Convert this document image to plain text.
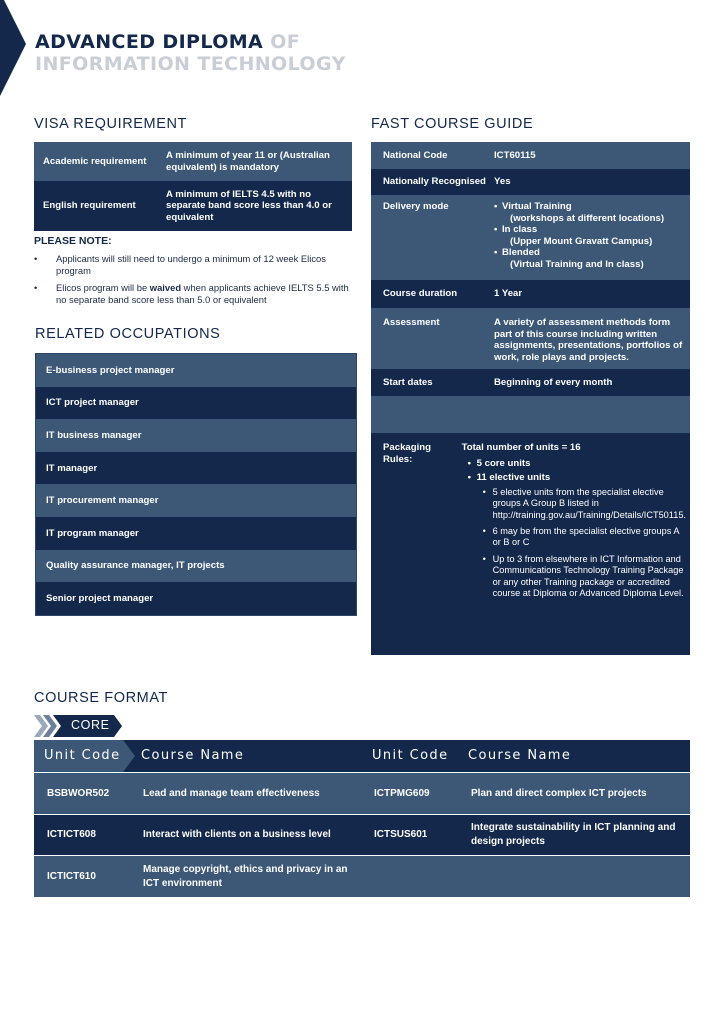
ADVANCED DIPLOMA OF
INFORMATION TECHNOLOGY
VISA REQUIREMENT
Academic requirement
A minimum of year 11 or (Australian equivalent) is mandatory
English requirement
A minimum of IELTS 4.5 with no separate band score less than 4.0 or equivalent
PLEASE NOTE:
• Applicants will still need to undergo a minimum of 12 week Elicos program
• Elicos program will be waived when applicants achieve IELTS 5.5 with no separate band score less than 5.0 or equivalent
RELATED OCCUPATIONS
E-business project manager
ICT project manager
IT business manager
IT manager
IT procurement manager
IT program manager
Quality assurance manager, IT projects
Senior project manager
FAST COURSE GUIDE
National Code	ICT60115
Nationally Recognised Yes
Delivery mode
•	Virtual Training
(workshops at different locations)
• In class
(Upper Mount Gravatt Campus)
• Blended
(Virtual Training and In class)
Course duration	1 Year
Assessment	A variety of assessment methods form part of this course including written assignments, presentations, portfolios of work, role plays and projects.
Start dates	Beginning of every month
Packaging Rules:
Total number of units = 16
• 5 core units
• 11 elective units
• 5 elective units from the specialist elective groups A Group B listed in http://training.gov.au/Training/Details/ICT50115.
• 6 may be from the specialist elective groups A or B or C
• Up to 3 from elsewhere in ICT Information and Communications Technology Training Package or any other Training package or accredited course at Diploma or Advanced Diploma Level.
COURSE FORMAT
CORE
Unit Code Course Name	Unit Code Course Name
BSBWOR502	Lead and manage team effectiveness	ICTPMG609	Plan and direct complex ICT projects
ICTICT608	Interact with clients on a business level	ICTSUS601
Integrate sustainability in ICT planning and design projects
ICTICT610
Manage copyright, ethics and privacy in an ICT environment
